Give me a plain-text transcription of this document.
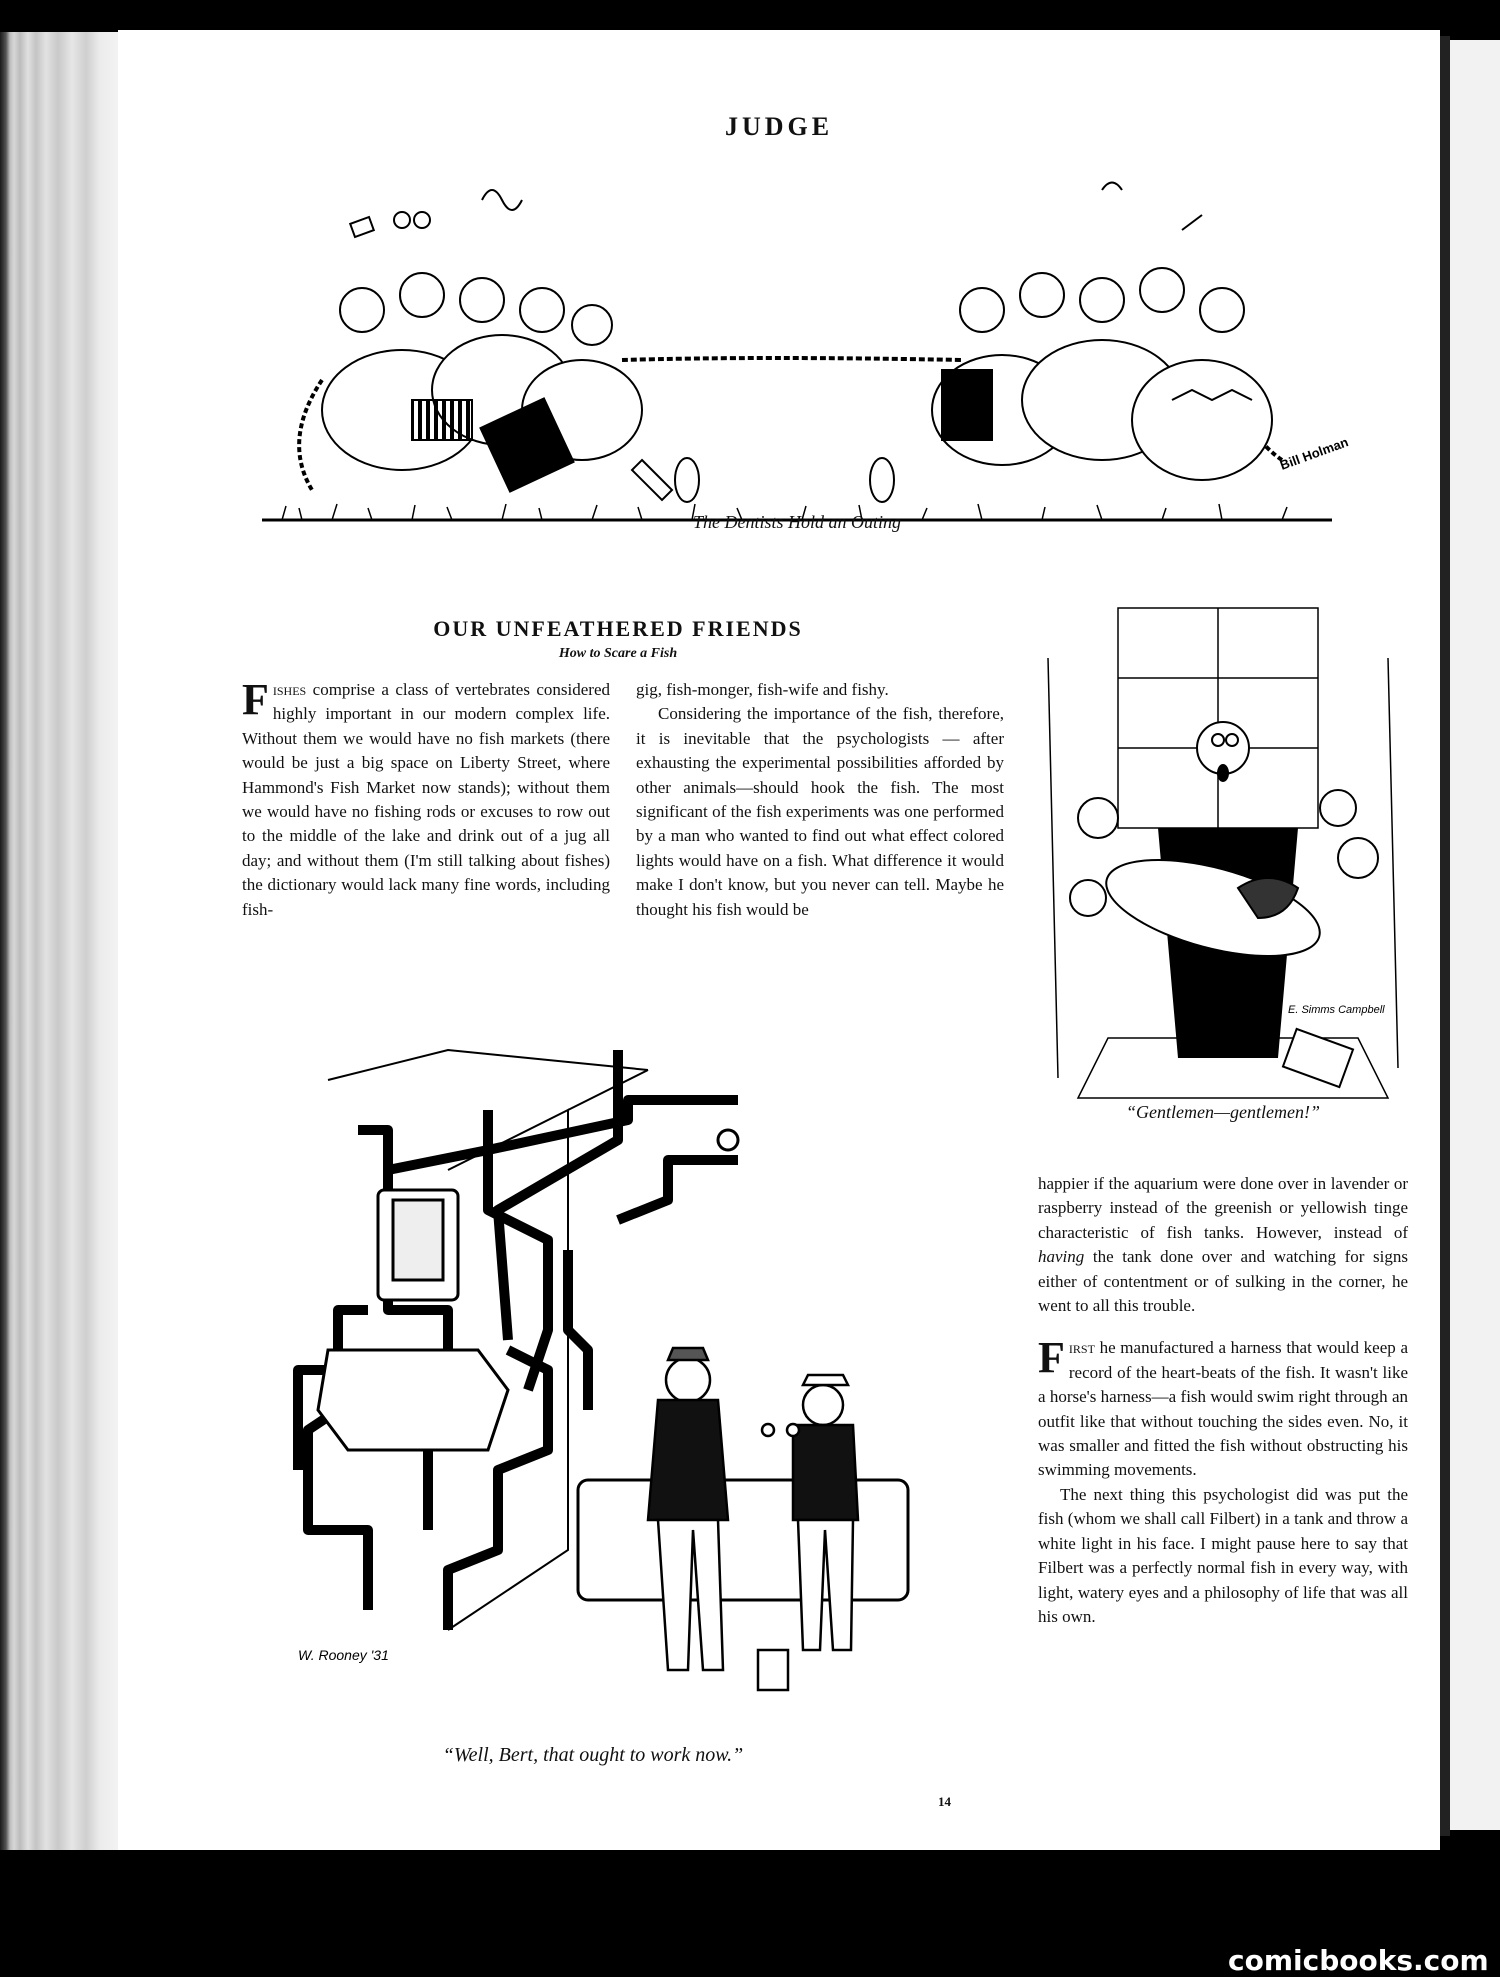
JUDGE
Bill Holman
The Dentists Hold an Outing
OUR UNFEATHERED FRIENDS
How to Scare a Fish

Fishes comprise a class of vertebrates considered highly important in our modern complex life. Without them we would have no fish markets (there would be just a big space on Liberty Street, where Hammond's Fish Market now stands); without them we would have no fishing rods or excuses to row out to the middle of the lake and drink out of a jug all day; and without them (I'm still talking about fishes) the dictionary would lack many fine words, including fish-

gig, fish-monger, fish-wife and fishy.

Considering the importance of the fish, therefore, it is inevitable that the psychologists — after exhausting the experimental possibilities afforded by other animals—should hook the fish. The most significant of the fish experiments was one performed by a man who wanted to find out what effect colored lights would have on a fish. What difference it would make I don't know, but you never can tell. Maybe he thought his fish would be

E. Simms Campbell
“Gentlemen—gentlemen!”
W. Rooney '31
“Well, Bert, that ought to work now.”

happier if the aquarium were done over in lavender or raspberry instead of the greenish or yellowish tinge characteristic of fish tanks. However, instead of having the tank done over and watching for signs either of contentment or of sulking in the corner, he went to all this trouble.

First he manufactured a harness that would keep a record of the heart-beats of the fish. It wasn't like a horse's harness—a fish would swim right through an outfit like that without touching the sides even. No, it was smaller and fitted the fish without obstructing his swimming movements.

The next thing this psychologist did was put the fish (whom we shall call Filbert) in a tank and throw a white light in his face. I might pause here to say that Filbert was a perfectly normal fish in every way, with light, watery eyes and a philosophy of life that was all his own.

14
comicbooks.com
